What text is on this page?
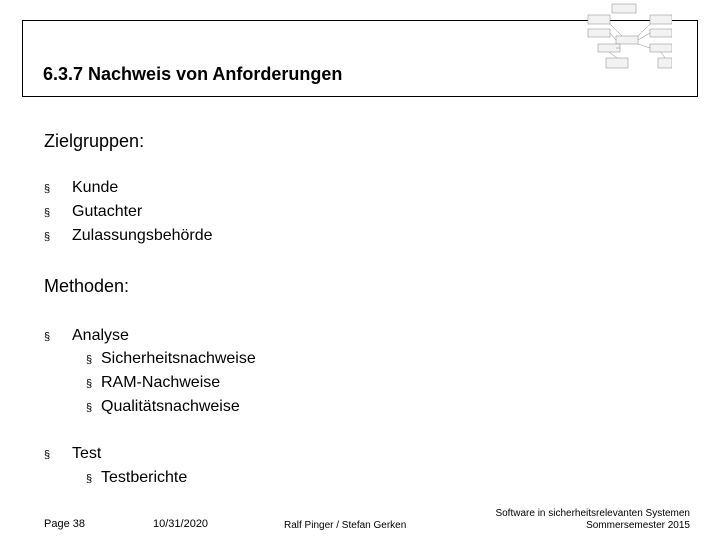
6.3.7 Nachweis von Anforderungen
Zielgruppen:
§	Kunde
§	Gutachter
§	Zulassungsbehörde
Methoden:
§	Analyse
§ Sicherheitsnachweise
§ RAM-Nachweise
§ Qualitätsnachweise
§	Test
§ Testberichte
Page 38	10/31/2020	Ralf Pinger / Stefan Gerken
Software in sicherheitsrelevanten Systemen
Sommersemester 2015
